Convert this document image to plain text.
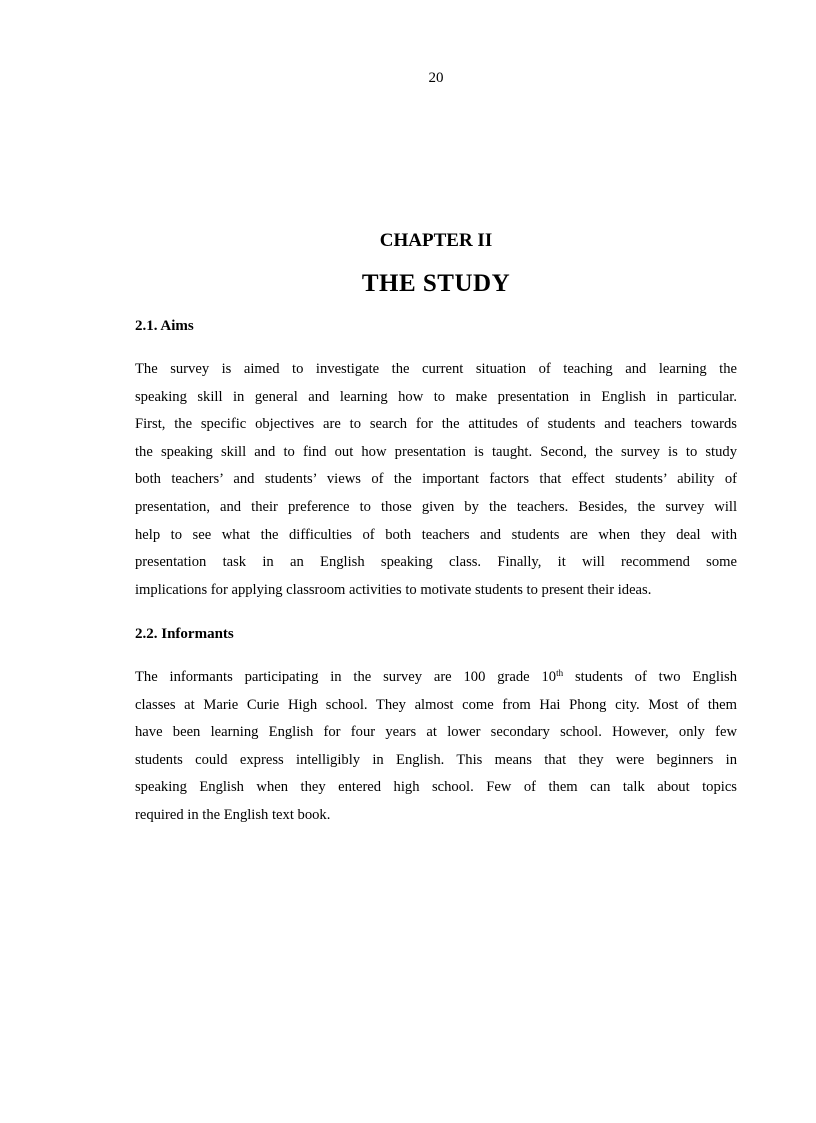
20
CHAPTER II
THE STUDY
2.1. Aims
The survey is aimed to investigate the current situation of teaching and learning the
speaking skill in general and learning how to make presentation in English in particular.
First, the specific objectives are to search for the attitudes of students and teachers towards
the speaking skill and to find out how presentation is taught. Second, the survey is to study
both teachers’ and students’ views of the important factors that effect students’ ability of
presentation, and their preference to those given by the teachers. Besides, the survey will
help to see what the difficulties of both teachers and students are when they deal with
presentation task in an English speaking class. Finally, it will recommend some
implications for applying classroom activities to motivate students to present their ideas.
2.2. Informants
The informants participating in the survey are 100 grade 10th students of two English
classes at Marie Curie High school. They almost come from Hai Phong city. Most of them
have been learning English for four years at lower secondary school. However, only few
students could express intelligibly in English. This means that they were beginners in
speaking English when they entered high school. Few of them can talk about topics
required in the English text book.
